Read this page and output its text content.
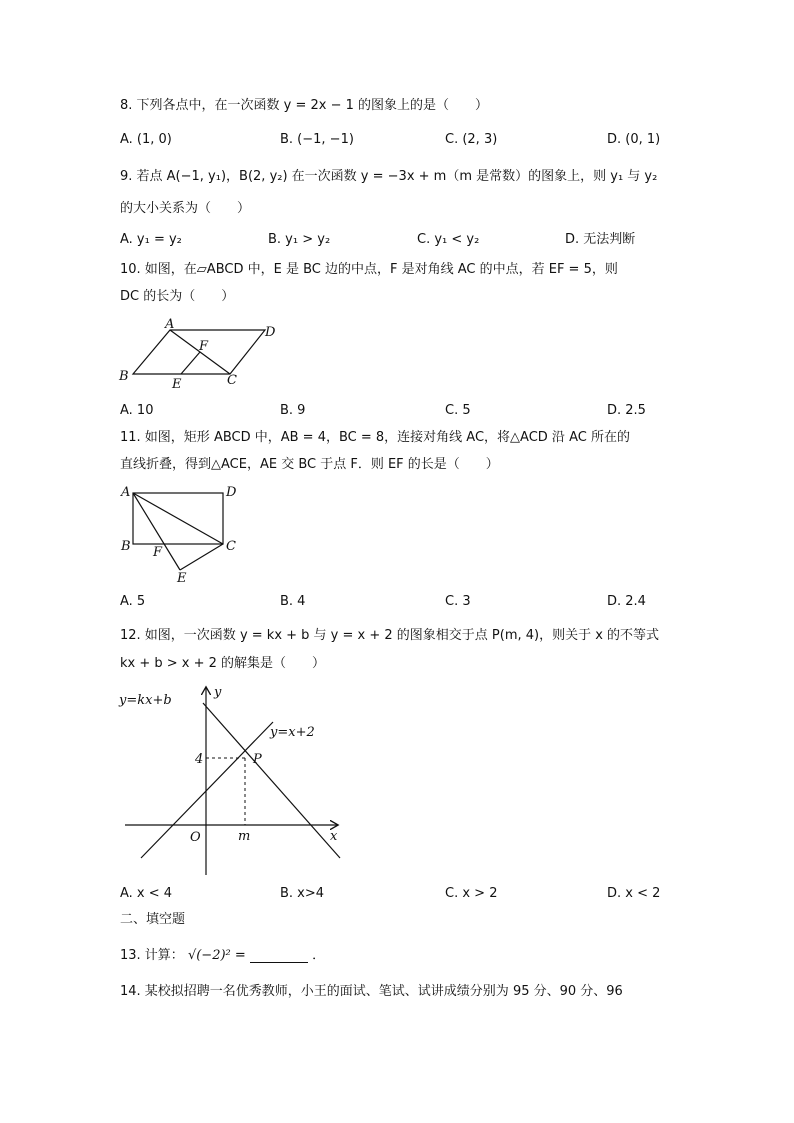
8. 下列各点中，在一次函数 y = 2x − 1 的图象上的是（　　）
A. (1, 0)	B. (−1, −1)	C. (2, 3)	D. (0, 1)
9. 若点 A(−1, y₁)，B(2, y₂) 在一次函数 y = −3x + m（m 是常数）的图象上，则 y₁ 与 y₂
的大小关系为（　　）
A. y₁ = y₂	B. y₁ > y₂	C. y₁ < y₂	D. 无法判断
10. 如图，在▱ABCD 中，E 是 BC 边的中点，F 是对角线 AC 的中点，若 EF = 5，则
DC 的长为（　　）
A
D
B	C
E
F
A. 10	B. 9	C. 5	D. 2.5
11. 如图，矩形 ABCD 中，AB = 4，BC = 8，连接对角线 AC，将△ACD 沿 AC 所在的
直线折叠，得到△ACE，AE 交 BC 于点 F．则 EF 的长是（　　）
A	D
B	C
F
E
A. 5	B. 4	C. 3	D. 2.4
12. 如图，一次函数 y = kx + b 与 y = x + 2 的图象相交于点 P(m, 4)，则关于 x 的不等式
kx + b > x + 2 的解集是（　　）
y=kx+b
y=x+2
y
x
O
4
m
P
A. x < 4	B. x>4	C. x > 2	D. x < 2
二、填空题
13. 计算： √(−2)² =	．
14. 某校拟招聘一名优秀教师，小王的面试、笔试、试讲成绩分别为 95 分、90 分、96
